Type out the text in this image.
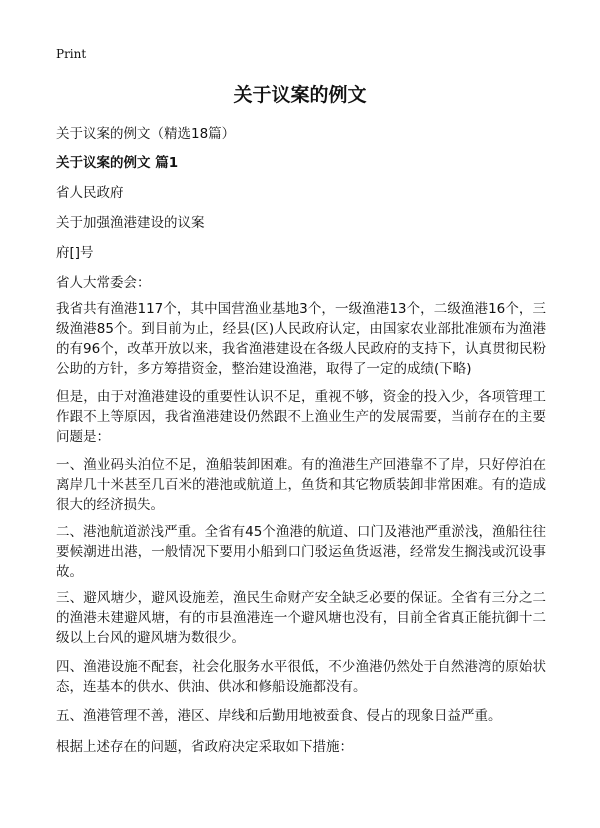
Print
关于议案的例文
关于议案的例文（精选18篇）
关于议案的例文 篇1
省人民政府
关于加强渔港建设的议案
府[]号
省人大常委会：
我省共有渔港117个，其中国营渔业基地3个，一级渔港13个，二级渔港16个，三级渔港85个。到目前为止，经县(区)人民政府认定，由国家农业部批准颁布为渔港的有96个，改革开放以来，我省渔港建设在各级人民政府的支持下，认真贯彻民粉公助的方针，多方筹措资金，整治建设渔港，取得了一定的成绩(下略)
但是，由于对渔港建设的重要性认识不足，重视不够，资金的投入少，各项管理工作跟不上等原因，我省渔港建设仍然跟不上渔业生产的发展需要，当前存在的主要问题是：
一、渔业码头泊位不足，渔船装卸困难。有的渔港生产回港靠不了岸，只好停泊在离岸几十米甚至几百米的港池或航道上，鱼货和其它物质装卸非常困难。有的造成很大的经济损失。
二、港池航道淤浅严重。全省有45个渔港的航道、口门及港池严重淤浅，渔船往往要候潮进出港，一般情况下要用小船到口门驳运鱼货返港，经常发生搁浅或沉设事故。
三、避风塘少，避风设施差，渔民生命财产安全缺乏必要的保证。全省有三分之二的渔港未建避风塘，有的市县渔港连一个避风塘也没有，目前全省真正能抗御十二级以上台风的避风塘为数很少。
四、渔港设施不配套，社会化服务水平很低，不少渔港仍然处于自然港湾的原始状态，连基本的供水、供油、供冰和修船设施都没有。
五、渔港管理不善，港区、岸线和后勤用地被蚕食、侵占的现象日益严重。
根据上述存在的问题，省政府决定采取如下措施：
